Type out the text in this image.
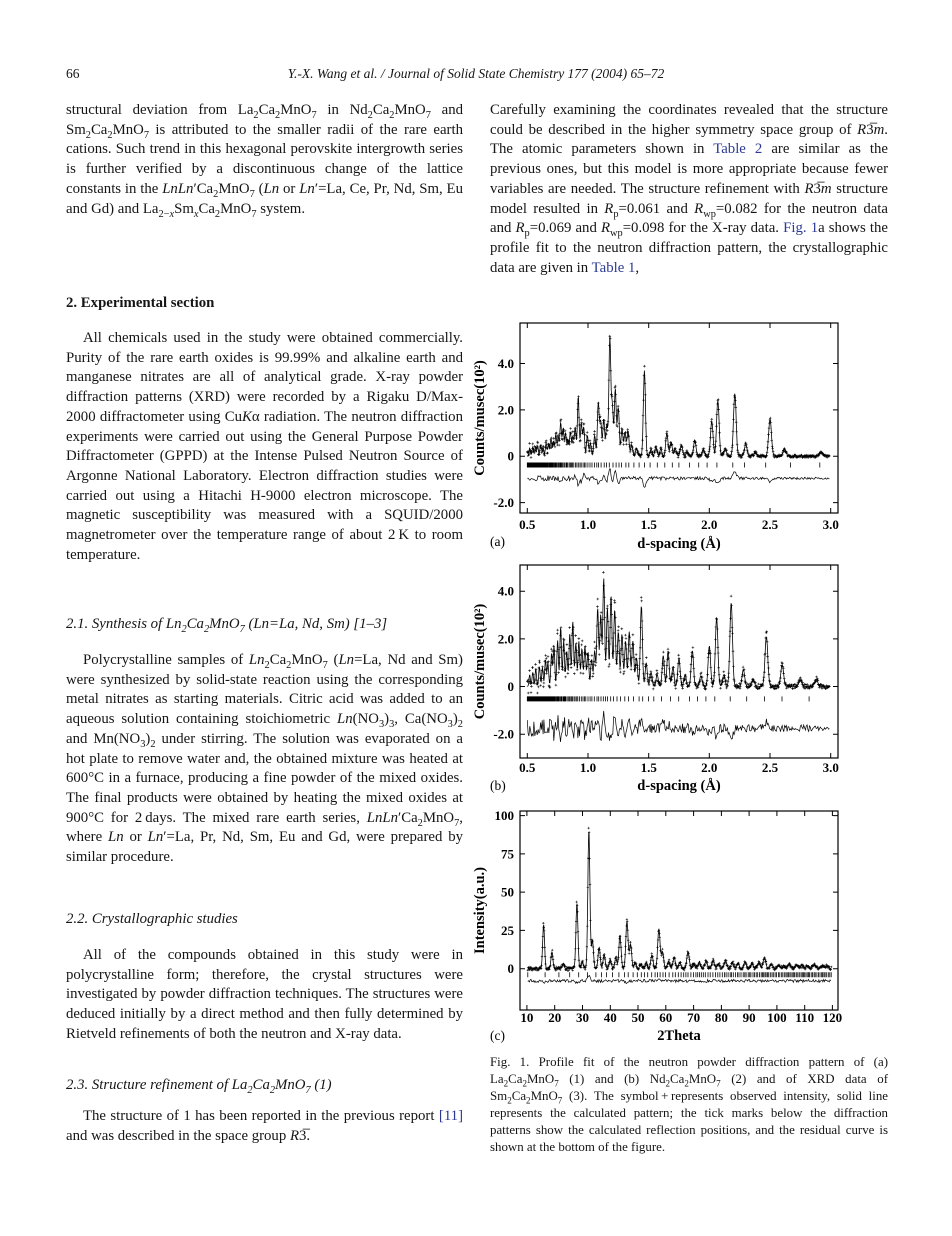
66	Y.-X. Wang et al. / Journal of Solid State Chemistry 177 (2004) 65–72

structural deviation from $La_2Ca_2MnO_7$ in $Nd_2Ca_2MnO_7$ and $Sm_2Ca_2MnO_7$ is attributed to the smaller radii of the rare earth cations. Such trend in this hexagonal perovskite intergrowth series is further verified by a discontinuous change of the lattice constants in the $LnLn'Ca_2MnO_7$ (Ln or Ln′=La, Ce, Pr, Nd, Sm, Eu and Gd) and $La_{2-x}Sm_xCa_2MnO_7$ system.

2. Experimental section

All chemicals used in the study were obtained commercially. Purity of the rare earth oxides is 99.99% and alkaline earth and manganese nitrates are all of analytical grade. X-ray powder diffraction patterns (XRD) were recorded by a Rigaku D/Max-2000 diffractometer using CuKα radiation. The neutron diffraction experiments were carried out using the General Purpose Powder Diffractometer (GPPD) at the Intense Pulsed Neutron Source of Argonne National Laboratory. Electron diffraction studies were carried out using a Hitachi H-9000 electron microscope. The magnetic susceptibility was measured with a SQUID/2000 magnetrometer over the temperature range of about 2 K to room temperature.

2.1. Synthesis of $Ln_2Ca_2MnO_7$ (Ln=La, Nd, Sm) [1–3]

Polycrystalline samples of $Ln_2Ca_2MnO_7$ (Ln=La, Nd and Sm) were synthesized by solid-state reaction using the corresponding metal nitrates as starting materials. Citric acid was added to an aqueous solution containing stoichiometric $Ln(NO_3)_3$, $Ca(NO_3)_2$ and $Mn(NO_3)_2$ under stirring. The solution was evaporated on a hot plate to remove water and, the obtained mixture was heated at 600°C in a furnace, producing a fine powder of the mixed oxides. The final products were obtained by heating the mixed oxides at 900°C for 2 days. The mixed rare earth series, $LnLn'Ca_2MnO_7$, where Ln or Ln′=La, Pr, Nd, Sm, Eu and Gd, were prepared by similar procedure.

2.2. Crystallographic studies

All of the compounds obtained in this study were in polycrystalline form; therefore, the crystal structures were investigated by powder diffraction techniques. The structures were deduced initially by a direct method and then fully determined by Rietveld refinements of both the neutron and X-ray data.

2.3. Structure refinement of $La_2Ca_2MnO_7$ (1)

The structure of 1 has been reported in the previous report [11] and was described in the space group R3̅.

Carefully examining the coordinates revealed that the structure could be described in the higher symmetry space group of R3̅m. The atomic parameters shown in Table 2 are similar as the previous ones, but this model is more appropriate because fewer variables are needed. The structure refinement with R3̅m structure model resulted in $R_p=0.061$ and $R_{wp}=0.082$ for the neutron data and $R_p=0.069$ and $R_{wp}=0.098$ for the X-ray data. Fig. 1a shows the profile fit to the neutron diffraction pattern, the crystallographic data are given in Table 1,

0.5	1.0	1.5	2.0	2.5	3.0
4.0
2.0
0
-2.0
d-spacing (Å)
Counts/musec(10²)
(a)
0.5	1.0	1.5	2.0	2.5	3.0
4.0
2.0
0
-2.0
d-spacing (Å)
Counts/musec(10²)
(b)
10 20 30 40 50 60 70 80 90 100 110 120
100
75
50
25
0
2Theta
Intensity(a.u.)
(c)

Fig. 1. Profile fit of the neutron powder diffraction pattern of (a) $La_2Ca_2MnO_7$ (1) and (b) $Nd_2Ca_2MnO_7$ (2) and of XRD data of $Sm_2Ca_2MnO_7$ (3). The symbol + represents observed intensity, solid line represents the calculated pattern; the tick marks below the diffraction patterns show the calculated reflection positions, and the residual curve is shown at the bottom of the figure.
